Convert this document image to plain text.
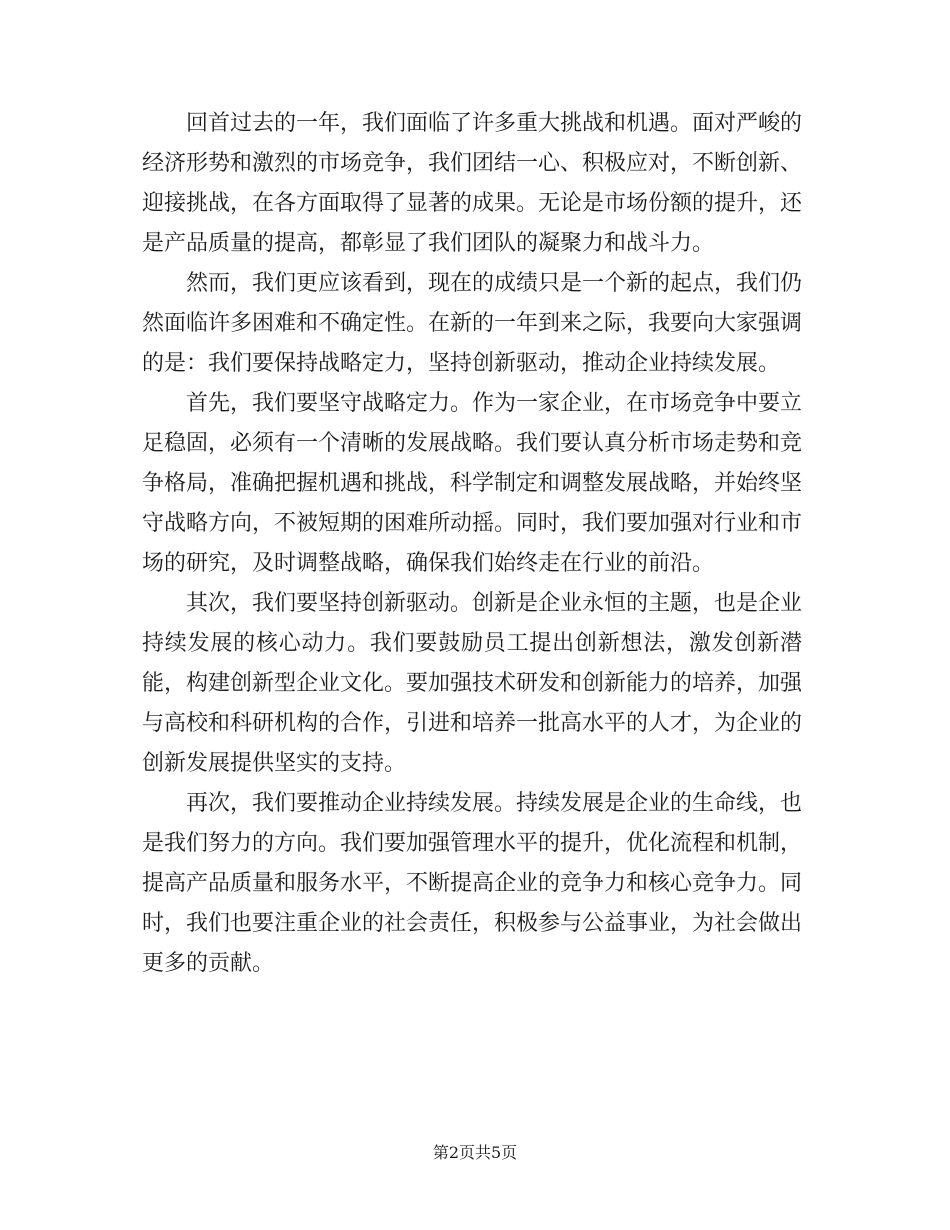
回首过去的一年，我们面临了许多重大挑战和机遇。面对严峻的经济形势和激烈的市场竞争，我们团结一心、积极应对，不断创新、迎接挑战，在各方面取得了显著的成果。无论是市场份额的提升，还是产品质量的提高，都彰显了我们团队的凝聚力和战斗力。

然而，我们更应该看到，现在的成绩只是一个新的起点，我们仍然面临许多困难和不确定性。在新的一年到来之际，我要向大家强调的是：我们要保持战略定力，坚持创新驱动，推动企业持续发展。

首先，我们要坚守战略定力。作为一家企业，在市场竞争中要立足稳固，必须有一个清晰的发展战略。我们要认真分析市场走势和竞争格局，准确把握机遇和挑战，科学制定和调整发展战略，并始终坚守战略方向，不被短期的困难所动摇。同时，我们要加强对行业和市场的研究，及时调整战略，确保我们始终走在行业的前沿。

其次，我们要坚持创新驱动。创新是企业永恒的主题，也是企业持续发展的核心动力。我们要鼓励员工提出创新想法，激发创新潜能，构建创新型企业文化。要加强技术研发和创新能力的培养，加强与高校和科研机构的合作，引进和培养一批高水平的人才，为企业的创新发展提供坚实的支持。

再次，我们要推动企业持续发展。持续发展是企业的生命线，也是我们努力的方向。我们要加强管理水平的提升，优化流程和机制，提高产品质量和服务水平，不断提高企业的竞争力和核心竞争力。同时，我们也要注重企业的社会责任，积极参与公益事业，为社会做出更多的贡献。

第2页共5页
